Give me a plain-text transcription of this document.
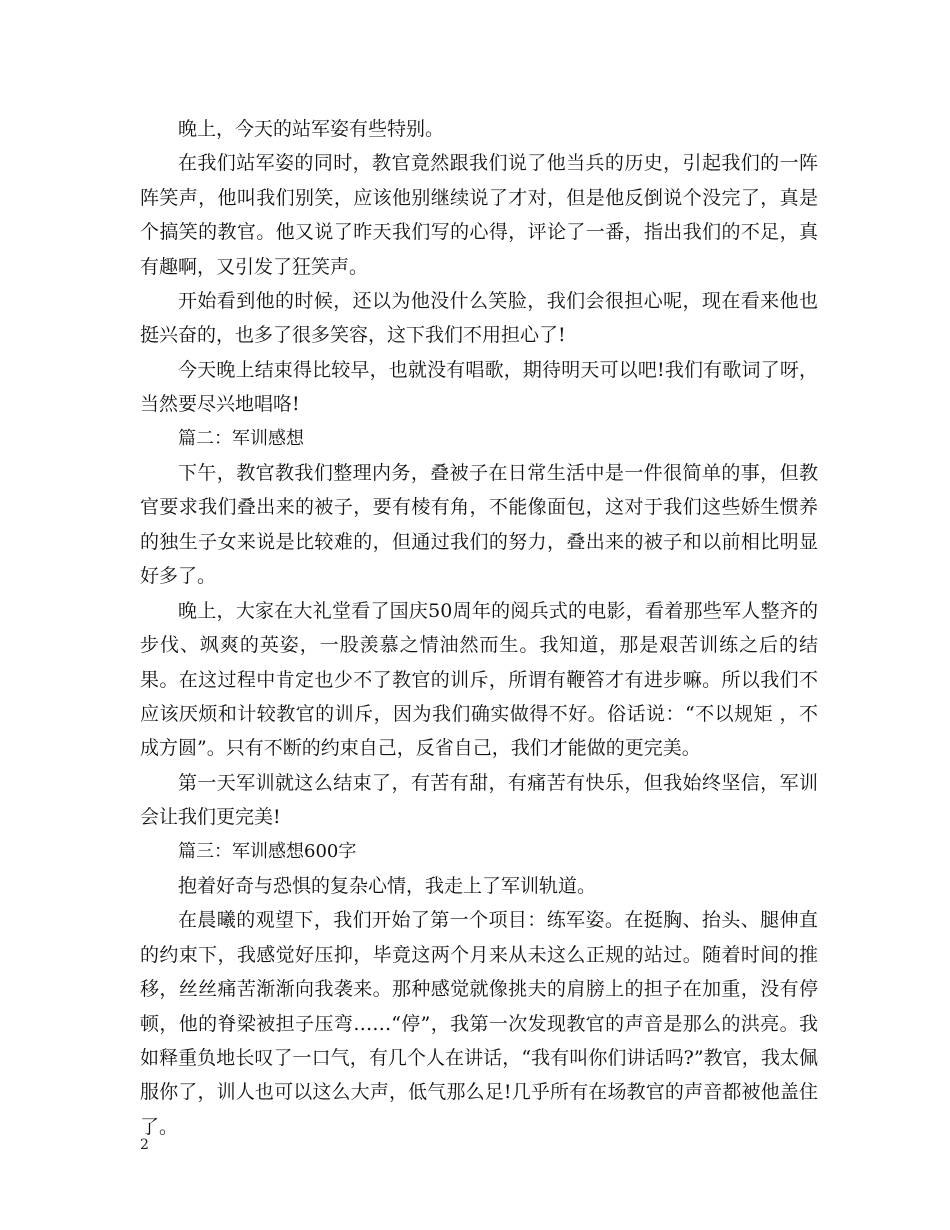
晚上，今天的站军姿有些特别。

在我们站军姿的同时，教官竟然跟我们说了他当兵的历史，引起我们的一阵阵笑声，他叫我们别笑，应该他别继续说了才对，但是他反倒说个没完了，真是个搞笑的教官。他又说了昨天我们写的心得，评论了一番，指出我们的不足，真有趣啊，又引发了狂笑声。

开始看到他的时候，还以为他没什么笑脸，我们会很担心呢，现在看来他也挺兴奋的，也多了很多笑容，这下我们不用担心了!

今天晚上结束得比较早，也就没有唱歌，期待明天可以吧!我们有歌词了呀，当然要尽兴地唱咯!

篇二：军训感想

下午，教官教我们整理内务，叠被子在日常生活中是一件很简单的事，但教官要求我们叠出来的被子，要有棱有角，不能像面包，这对于我们这些娇生惯养的独生子女来说是比较难的，但通过我们的努力，叠出来的被子和以前相比明显好多了。

晚上，大家在大礼堂看了国庆50周年的阅兵式的电影，看着那些军人整齐的步伐、飒爽的英姿，一股羡慕之情油然而生。我知道，那是艰苦训练之后的结果。在这过程中肯定也少不了教官的训斥，所谓有鞭笞才有进步嘛。所以我们不应该厌烦和计较教官的训斥，因为我们确实做得不好。俗话说：“不以规矩 ，不成方圆”。只有不断的约束自己，反省自己，我们才能做的更完美。

第一天军训就这么结束了，有苦有甜，有痛苦有快乐，但我始终坚信，军训会让我们更完美!

篇三：军训感想600字

抱着好奇与恐惧的复杂心情，我走上了军训轨道。

在晨曦的观望下，我们开始了第一个项目：练军姿。在挺胸、抬头、腿伸直的约束下，我感觉好压抑，毕竟这两个月来从未这么正规的站过。随着时间的推移，丝丝痛苦渐渐向我袭来。那种感觉就像挑夫的肩膀上的担子在加重，没有停顿，他的脊梁被担子压弯……“停”，我第一次发现教官的声音是那么的洪亮。我如释重负地长叹了一口气，有几个人在讲话，“我有叫你们讲话吗?”教官，我太佩服你了，训人也可以这么大声，低气那么足!几乎所有在场教官的声音都被他盖住了。

2
